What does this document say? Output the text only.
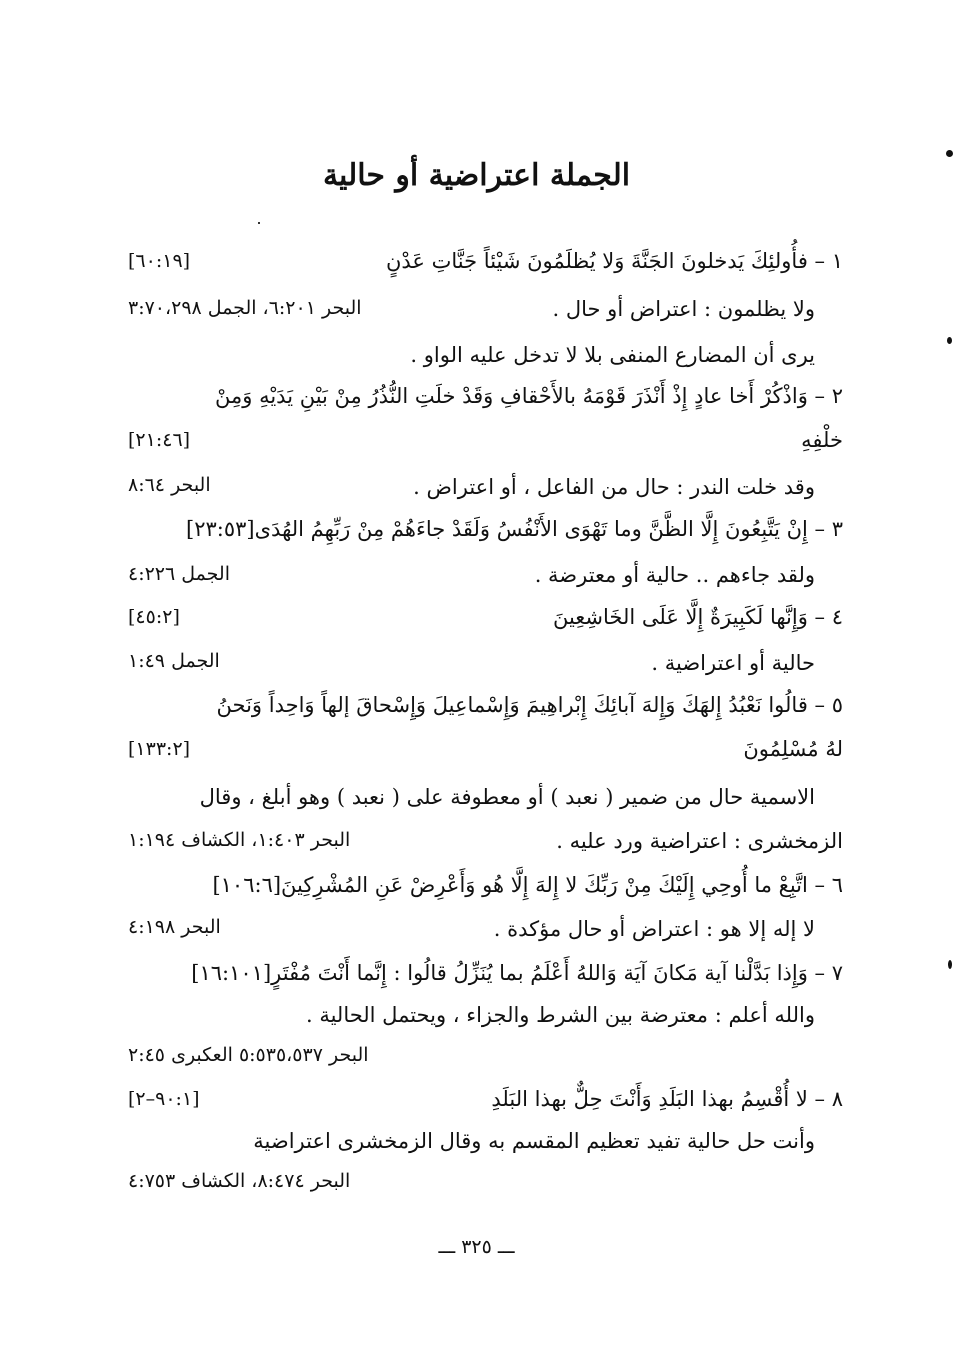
الجملة اعتراضية أو حالية
١ – فأُولئِكَ يَدخلونَ الجَنَّةَ وَلا يُظلَمُونَ شَيْئاً جَنَّاتِ عَدْنٍ
[٦٠:١٩]
ولا يظلمون : اعتراض أو حال .
البحر ٦:٢٠١، الجمل ٣:٧٠،٢٩٨
يرى أن المضارع المنفى بلا لا تدخل عليه الواو .
٢ – وَاذْكُرْ أَخا عادٍ إِذْ أَنْذَرَ قَوْمَهُ بالأَحْقافِ وَقَدْ خلَتِ النُّذُرُ مِنْ بَيْنِ يَدَيْهِ وَمِنْ
خلْفِهِ
[٢١:٤٦]
وقد خلت الندر : حال من الفاعل ، أو اعتراض .
البحر ٨:٦٤
٣ – إِنْ يَتَّبِعُونَ إِلَّا الظَّنَّ وما تَهْوَى الأَنْفُسُ وَلَقَدْ جاءَهُمْ مِنْ رَبِّهِمُ الهُدَى[٢٣:٥٣]
ولقد جاءهم .. حالية أو معترضة .
الجمل ٤:٢٢٦
٤ – وَإِنَّها لَكَبِيرَةٌ إِلَّا عَلَى الخَاشِعِينَ
[٤٥:٢]
حالية أو اعتراضية .
الجمل ١:٤٩
٥ – قالُوا نَعْبُدُ إِلهَكَ وَإِلهَ آبائِكَ إِبْراهِيمَ وَإِسْماعِيلَ وَإِسْحاقَ إلهاً وَاحِداً وَنَحنُ
لهُ مُسْلِمُونَ
[١٣٣:٢]
الاسمية حال من ضمير ( نعبد ) أو معطوفة على ( نعبد ) وهو أبلغ ، وقال
الزمخشرى : اعتراضية ورد عليه .
البحر ١:٤٠٣، الكشاف ١:١٩٤
٦ – اتَّبِعْ ما أُوحِي إِلَيْكَ مِنْ رَبِّكَ لا إِلهَ إِلَّا هُو وَأَعْرِضْ عَنِ المُشْرِكِينَ[١٠٦:٦]
لا إله إلا هو : اعتراض أو حال مؤكدة .
البحر ٤:١٩٨
٧ – وَإِذا بَدَّلْنا آية مَكانَ آيَة وَاللهُ أَعْلَمُ بما يُنَزِّلُ قالُوا : إِنَّما أَنْتَ مُفْتَرٍ[١٦:١٠١]
والله أعلم : معترضة بين الشرط والجزاء ، ويحتمل الحالية .
البحر ٥:٥٣٥،٥٣٧ العكبرى ٢:٤٥
٨ – لا أُقْسِمُ بهذا البَلَدِ وَأَنْتَ حِلٌّ بهذا البَلَدِ
[٩٠:١–٢]
وأنت حل حالية تفيد تعظيم المقسم به وقال الزمخشرى اعتراضية
البحر ٨:٤٧٤، الكشاف ٤:٧٥٣
ـــ ٣٢٥ ـــ
